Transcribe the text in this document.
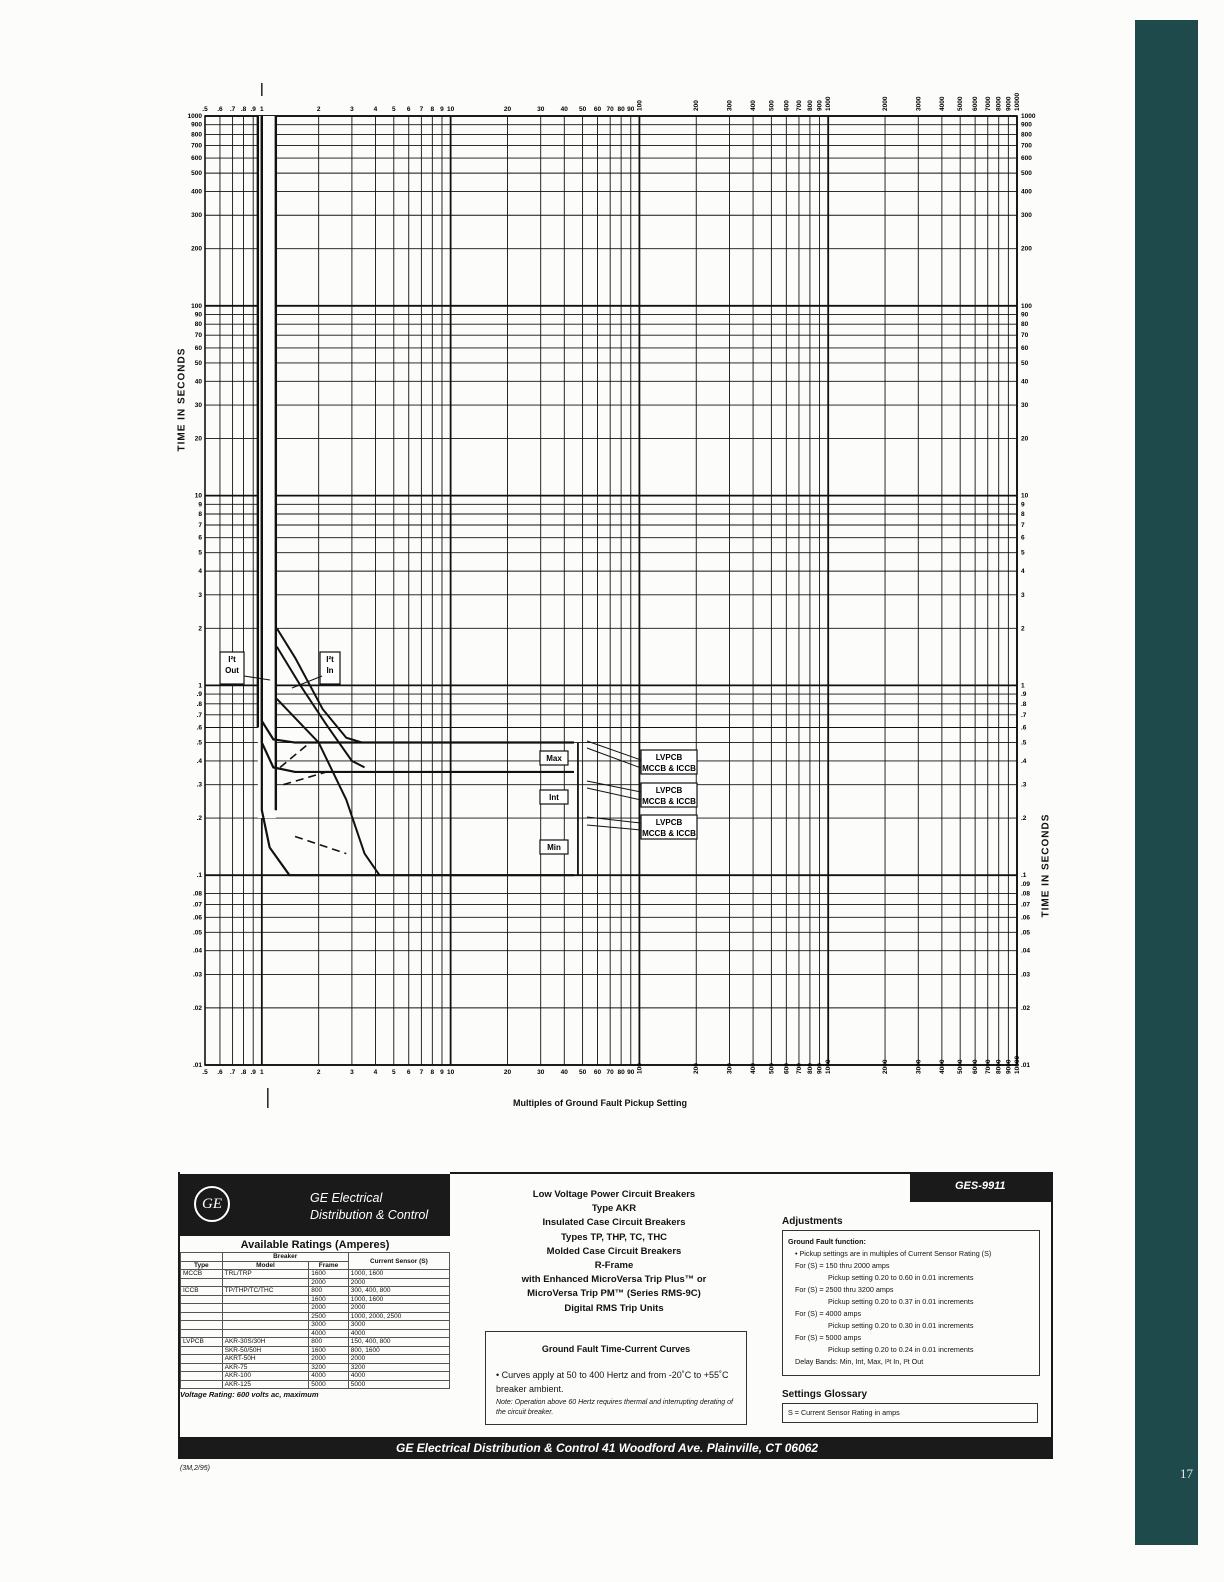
.5 .6 .7 .8 .9 1	2	3	4 5 6 7 8 9 10	20	30	40 50 60 70 80 90 100	200	300	400 500 600 700 800 900 1000	2000	3000	4000 5000 6000 7000 8000 9000 10000
.5 .6 .7 .8 .9 1	2	3	4 5 6 7 8 9 10	20	30	40 50 60 70 80 90 100	200	300	400 500 600 700 800 900 1000	2000	3000	4000 5000 6000 7000 8000 9000 10000
.01
.02
.03
.04
.05
.06
.07
.08
.1
.2
.3
.4
.5
.6
.7
.8
.9
1
2
3
4
5
6
7
8
9
10
20
30
40
50
60
70
80
90
100
200
300
400
500
600
700
800
900
1000
.01
.02
.03
.04
.05
.06
.07
.08
.09
.1
.2
.3
.4
.5
.6
.7
.8
.9
1
2
3
4
5
6
7
8
9
10
20
30
40
50
60
70
80
90
100
200
300
400
500
600
700
800
900
1000
I²t
Out
I²t
In
Max
Int
Min
LVPCB
MCCB & ICCB
LVPCB
MCCB & ICCB
LVPCB
MCCB & ICCB
TIME IN SECONDS
TIME IN SECONDS
Multiples of Ground Fault Pickup Setting
17
GE	GE Electrical
Distribution & Control
GES-9911
Available Ratings (Amperes)
	Breaker		Current Sensor (S)
Type	Model	Frame	
MCCB	TRL/TRP	1600	1000, 1600
		2000	2000
ICCB	TP/THP/TC/THC	800	300, 400, 800
		1600	1000, 1600
		2000	2000
		2500	1000, 2000, 2500
		3000	3000
		4000	4000
LVPCB	AKR-30S/30H	800	150, 400, 800
	SKR-50/50H	1600	800, 1600
	AKRT-50H	2000	2000
	AKR-75	3200	3200
	AKR-100	4000	4000
	AKR-125	5000	5000
Voltage Rating: 600 volts ac, maximum
Low Voltage Power Circuit Breakers
Type AKR
Insulated Case Circuit Breakers
Types TP, THP, TC, THC
Molded Case Circuit Breakers
R-Frame
with Enhanced MicroVersa Trip Plus™ or
MicroVersa Trip PM™ (Series RMS-9C)
Digital RMS Trip Units
Ground Fault Time-Current Curves
• Curves apply at 50 to 400 Hertz and from -20˚C to +55˚C breaker ambient.
Note: Operation above 60 Hertz requires thermal and interrupting derating of the circuit breaker.
Adjustments
Ground Fault function:
• Pickup settings are in multiples of Current Sensor Rating (S)
For (S) = 150 thru 2000 amps
Pickup setting 0.20 to 0.60 in 0.01 increments
For (S) = 2500 thru 3200 amps
Pickup setting 0.20 to 0.37 in 0.01 increments
For (S) = 4000 amps
Pickup setting 0.20 to 0.30 in 0.01 increments
For (S) = 5000 amps
Pickup setting 0.20 to 0.24 in 0.01 increments
Delay Bands: Min, Int, Max, I²t In, I²t Out
Settings Glossary
S = Current Sensor Rating in amps
GE Electrical Distribution & Control 41 Woodford Ave. Plainville, CT 06062
(3M,2/95)
